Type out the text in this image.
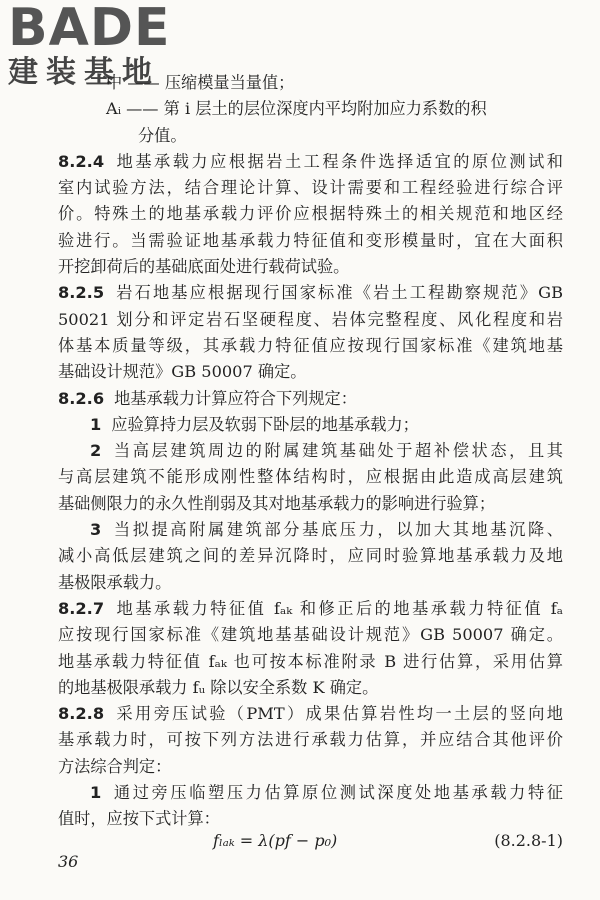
BADE
建装基地
中 —— 压缩模量当量值；
Aᵢ —— 第 i 层土的层位深度内平均附加应力系数的积
分值。
8.2.4 地基承载力应根据岩土工程条件选择适宜的原位测试和
室内试验方法，结合理论计算、设计需要和工程经验进行综合评
价。特殊土的地基承载力评价应根据特殊土的相关规范和地区经
验进行。当需验证地基承载力特征值和变形模量时，宜在大面积
开挖卸荷后的基础底面处进行载荷试验。
8.2.5 岩石地基应根据现行国家标准《岩土工程勘察规范》GB
50021 划分和评定岩石坚硬程度、岩体完整程度、风化程度和岩
体基本质量等级，其承载力特征值应按现行国家标准《建筑地基
基础设计规范》GB 50007 确定。
8.2.6 地基承载力计算应符合下列规定：
1 应验算持力层及软弱下卧层的地基承载力；
2 当高层建筑周边的附属建筑基础处于超补偿状态，且其
与高层建筑不能形成刚性整体结构时，应根据由此造成高层建筑
基础侧限力的永久性削弱及其对地基承载力的影响进行验算；
3 当拟提高附属建筑部分基底压力，以加大其地基沉降、
减小高低层建筑之间的差异沉降时，应同时验算地基承载力及地
基极限承载力。
8.2.7 地基承载力特征值 fₐₖ 和修正后的地基承载力特征值 fₐ
应按现行国家标准《建筑地基基础设计规范》GB 50007 确定。
地基承载力特征值 fₐₖ 也可按本标准附录 B 进行估算，采用估算
的地基极限承载力 fᵤ 除以安全系数 K 确定。
8.2.8 采用旁压试验（PMT）成果估算岩性均一土层的竖向地
基承载力时，可按下列方法进行承载力估算，并应结合其他评价
方法综合判定：
1 通过旁压临塑压力估算原位测试深度处地基承载力特征
值时，应按下式计算：
fₗₐₖ = λ(pf − p₀)	(8.2.8-1)
36
